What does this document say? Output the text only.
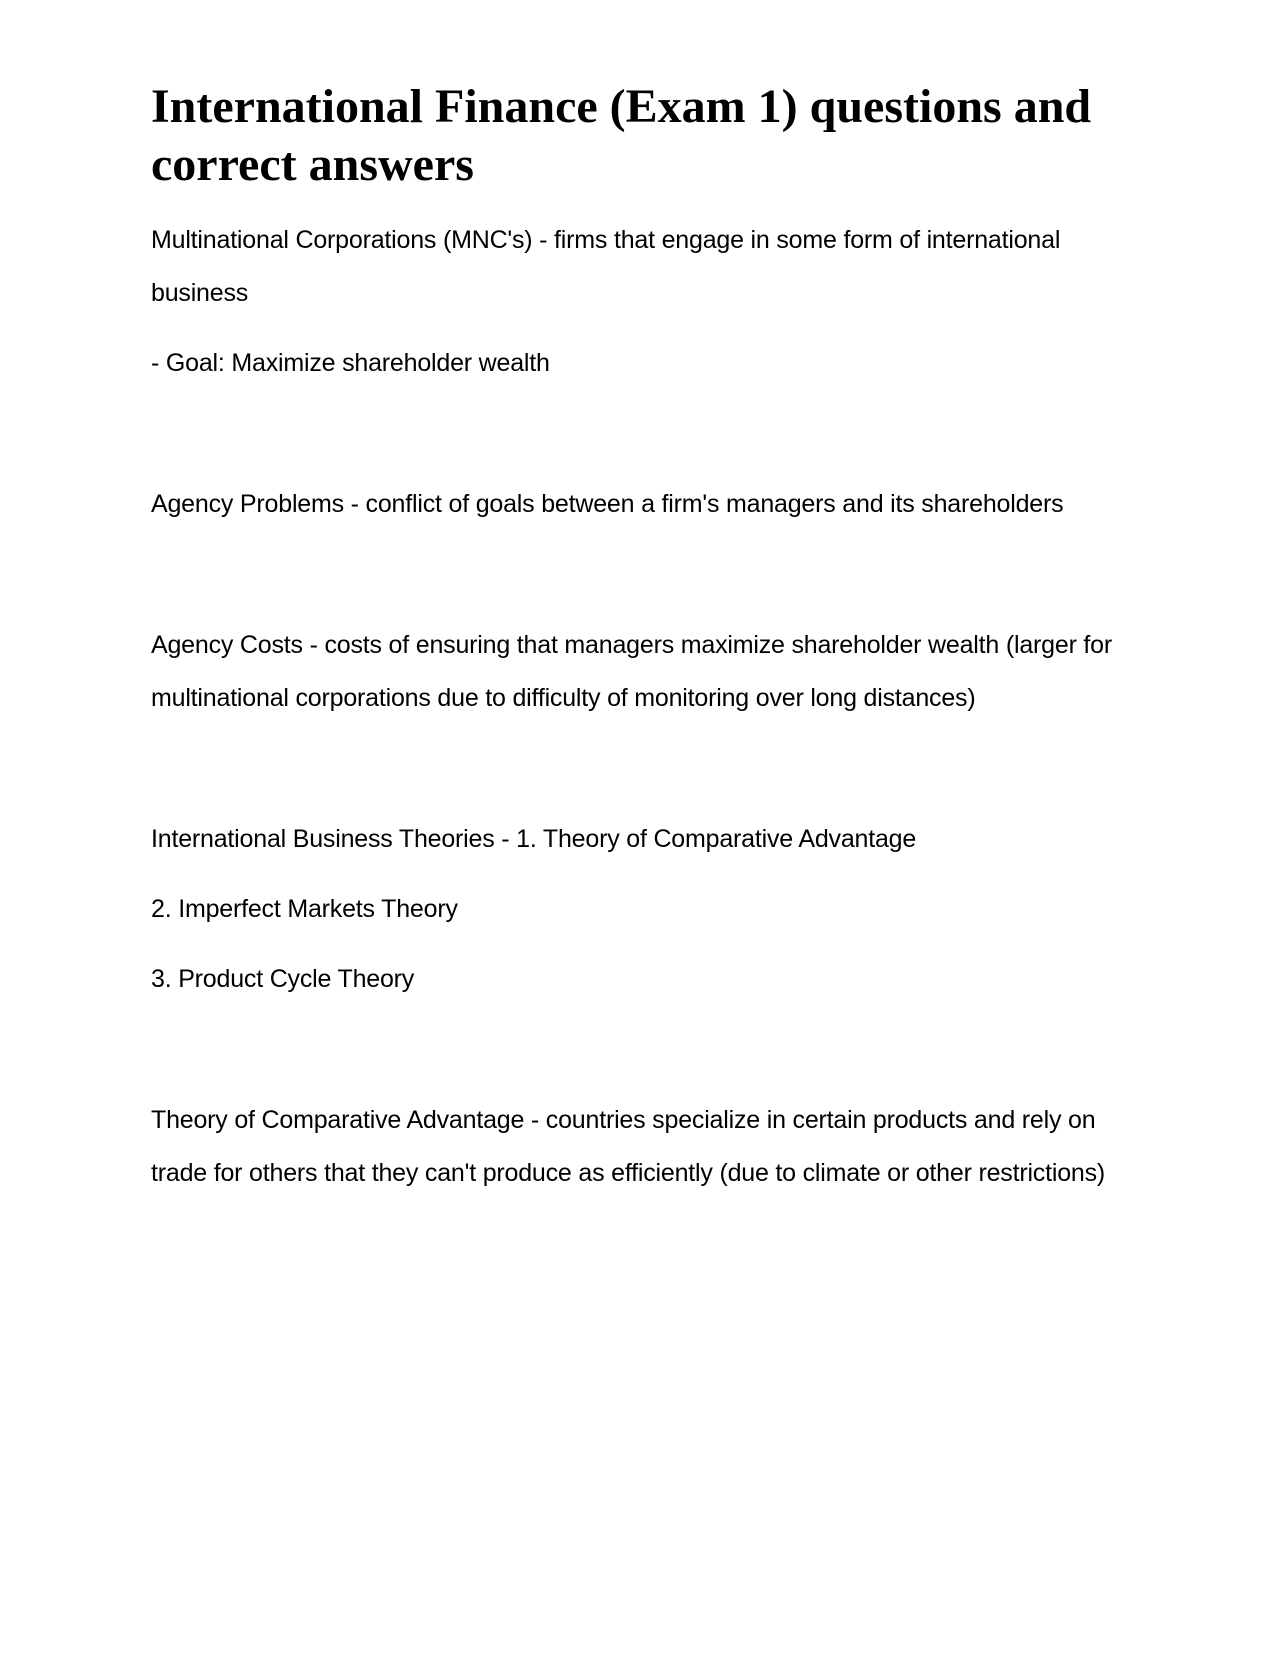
International Finance (Exam 1) questions and correct answers

Multinational Corporations (MNC's) - firms that engage in some form of international business

- Goal: Maximize shareholder wealth

Agency Problems - conflict of goals between a firm's managers and its shareholders

Agency Costs - costs of ensuring that managers maximize shareholder wealth (larger for multinational corporations due to difficulty of monitoring over long distances)

International Business Theories - 1. Theory of Comparative Advantage

2. Imperfect Markets Theory

3. Product Cycle Theory

Theory of Comparative Advantage - countries specialize in certain products and rely on trade for others that they can't produce as efficiently (due to climate or other restrictions)
